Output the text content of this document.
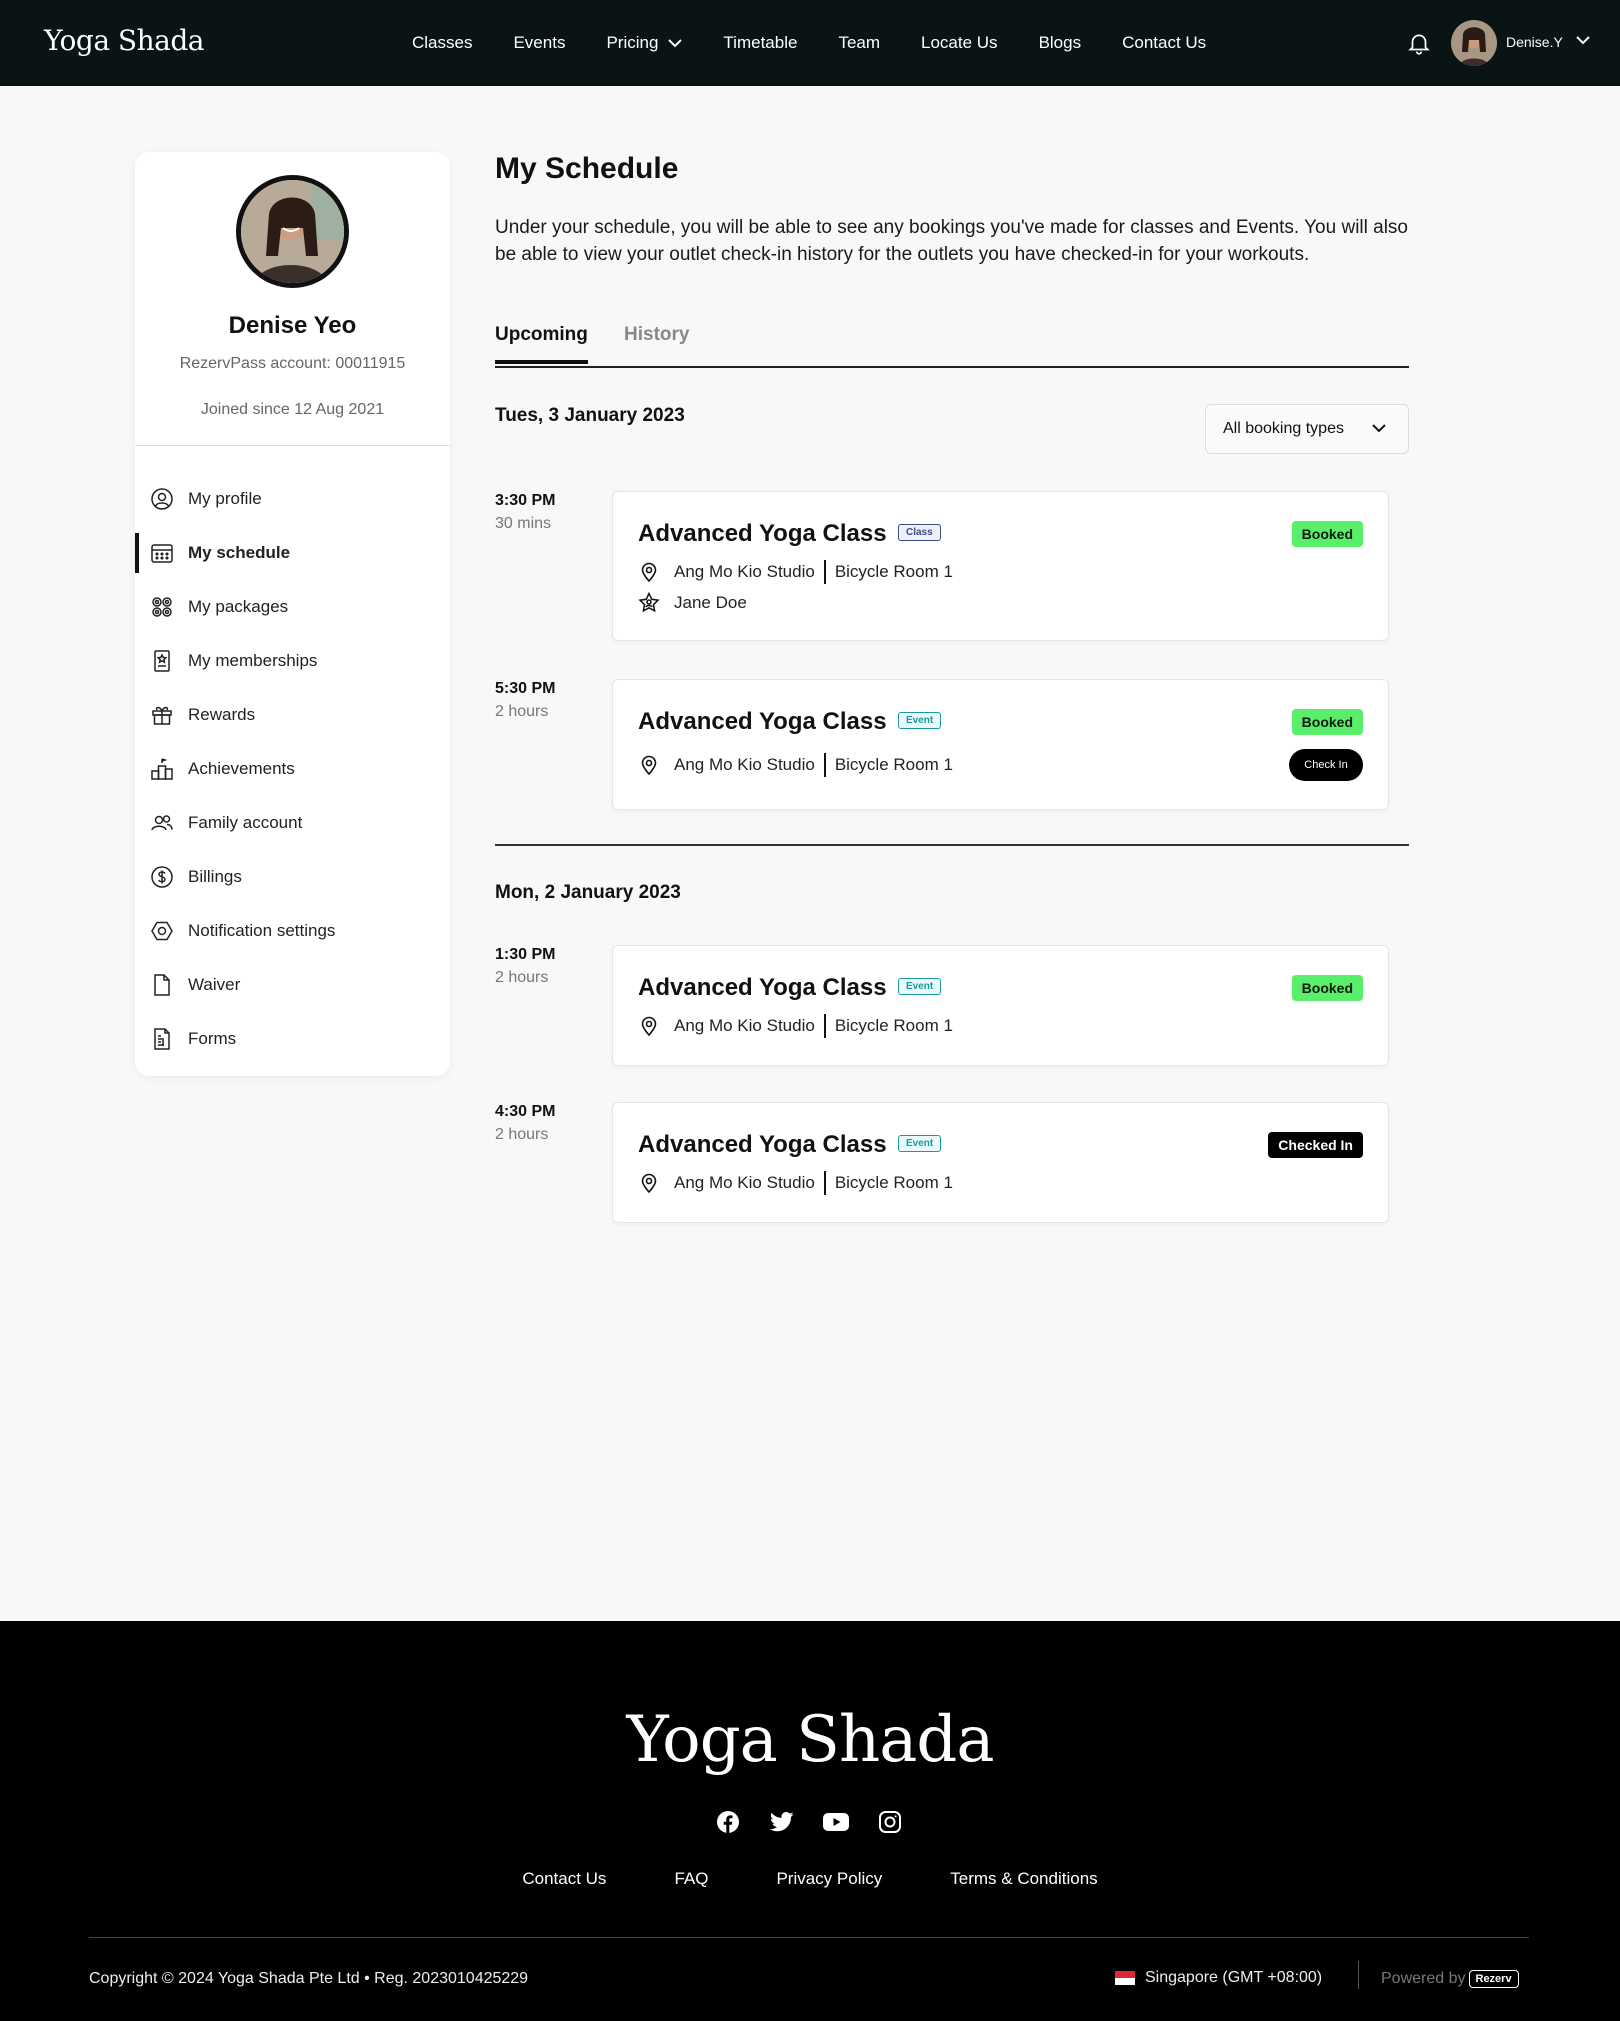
Yoga Shada	Classes Events Pricing	Timetable Team Locate Us Blogs Contact Us	Denise.Y
Denise Yeo
RezervPass account: 00011915
Joined since 12 Aug 2021
My profile
My schedule
My packages
My memberships
Rewards
Achievements
Family account
Billings
Notification settings
Waiver
Forms
My Schedule
Under your schedule, you will be able to see any bookings you've made for classes and Events. You will also be able to view your outlet check-in history for the outlets you have checked-in for your workouts.
Upcoming History
Tues, 3 January 2023
All booking types
3:30 PM
30 mins	Advanced Yoga Class	Class	Booked
Ang Mo Kio Studio Bicycle Room 1
Jane Doe
5:30 PM
2 hours	Advanced Yoga Class	Event	Booked
Check In
Ang Mo Kio Studio Bicycle Room 1
Mon, 2 January 2023
1:30 PM
2 hours	Advanced Yoga Class	Event	Booked
Ang Mo Kio Studio Bicycle Room 1
4:30 PM
2 hours	Advanced Yoga Class	Event	Checked In
Ang Mo Kio Studio Bicycle Room 1
Yoga Shada
Contact Us	FAQ	Privacy Policy	Terms & Conditions
Copyright © 2024 Yoga Shada Pte Ltd • Reg. 2023010425229	Singapore (GMT +08:00)	Powered by Rezerv
